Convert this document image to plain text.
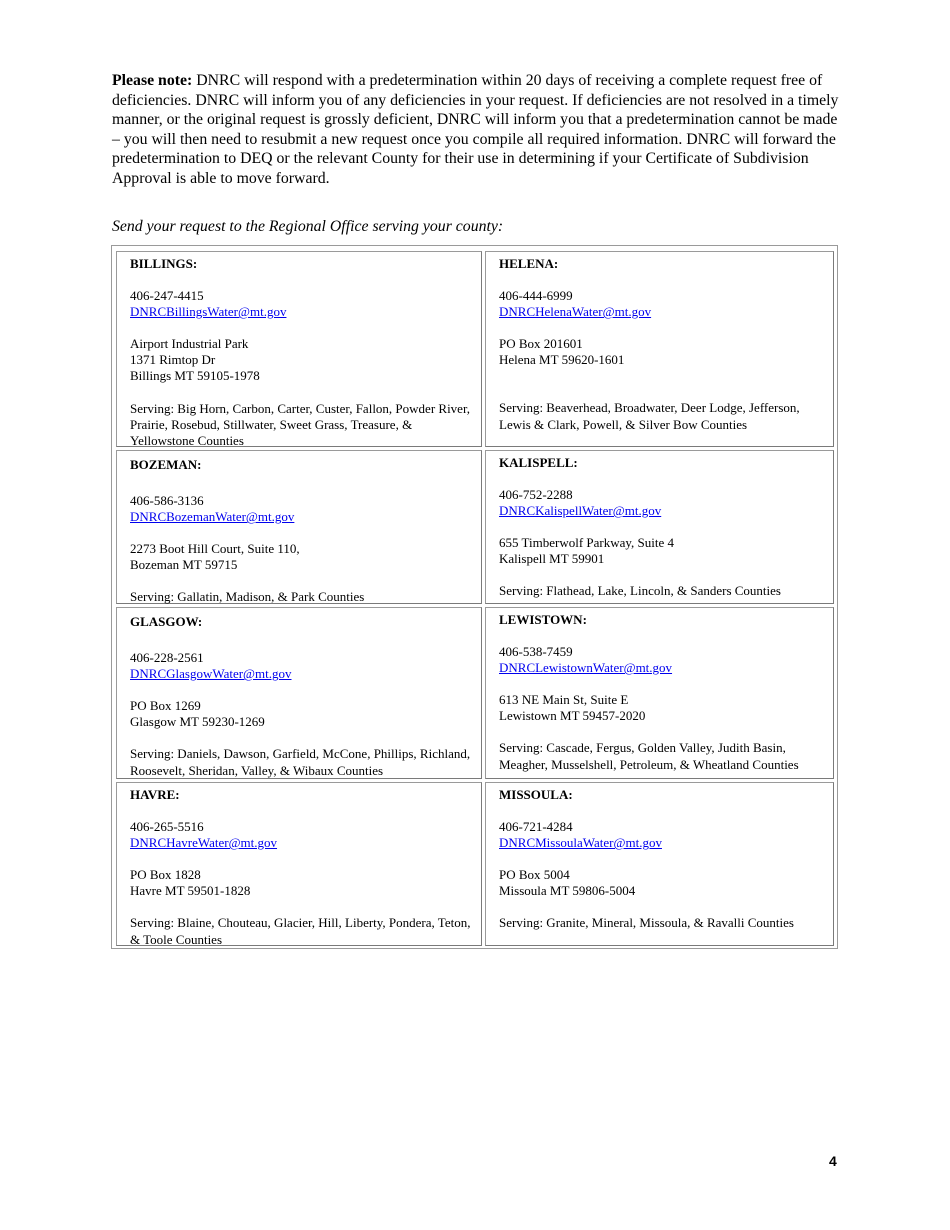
Please note: DNRC will respond with a predetermination within 20 days of receiving a complete request free of deficiencies. DNRC will inform you of any deficiencies in your request. If deficiencies are not resolved in a timely manner, or the original request is grossly deficient, DNRC will inform you that a predetermination cannot be made – you will then need to resubmit a new request once you compile all required information. DNRC will forward the predetermination to DEQ or the relevant County for their use in determining if your Certificate of Subdivision Approval is able to move forward.

Send your request to the Regional Office serving your county:

BILLINGS:
406-247-4415
DNRCBillingsWater@mt.gov
Airport Industrial Park
1371 Rimtop Dr
Billings MT 59105-1978
Serving: Big Horn, Carbon, Carter, Custer, Fallon, Powder River, Prairie, Rosebud, Stillwater, Sweet Grass, Treasure, & Yellowstone Counties
HELENA:
406-444-6999
DNRCHelenaWater@mt.gov
PO Box 201601
Helena MT 59620-1601
Serving: Beaverhead, Broadwater, Deer Lodge, Jefferson, Lewis & Clark, Powell, & Silver Bow Counties
BOZEMAN:
406-586-3136
DNRCBozemanWater@mt.gov
2273 Boot Hill Court, Suite 110,
Bozeman MT 59715
Serving: Gallatin, Madison, & Park Counties
KALISPELL:
406-752-2288
DNRCKalispellWater@mt.gov
655 Timberwolf Parkway, Suite 4
Kalispell MT 59901
Serving: Flathead, Lake, Lincoln, & Sanders Counties
GLASGOW:
406-228-2561
DNRCGlasgowWater@mt.gov
PO Box 1269
Glasgow MT 59230-1269
Serving: Daniels, Dawson, Garfield, McCone, Phillips, Richland, Roosevelt, Sheridan, Valley, & Wibaux Counties
LEWISTOWN:
406-538-7459
DNRCLewistownWater@mt.gov
613 NE Main St, Suite E
Lewistown MT 59457-2020
Serving: Cascade, Fergus, Golden Valley, Judith Basin, Meagher, Musselshell, Petroleum, & Wheatland Counties
HAVRE:
406-265-5516
DNRCHavreWater@mt.gov
PO Box 1828
Havre MT 59501-1828
Serving: Blaine, Chouteau, Glacier, Hill, Liberty, Pondera, Teton, & Toole Counties
MISSOULA:
406-721-4284
DNRCMissoulaWater@mt.gov
PO Box 5004
Missoula MT 59806-5004
Serving: Granite, Mineral, Missoula, & Ravalli Counties
4
